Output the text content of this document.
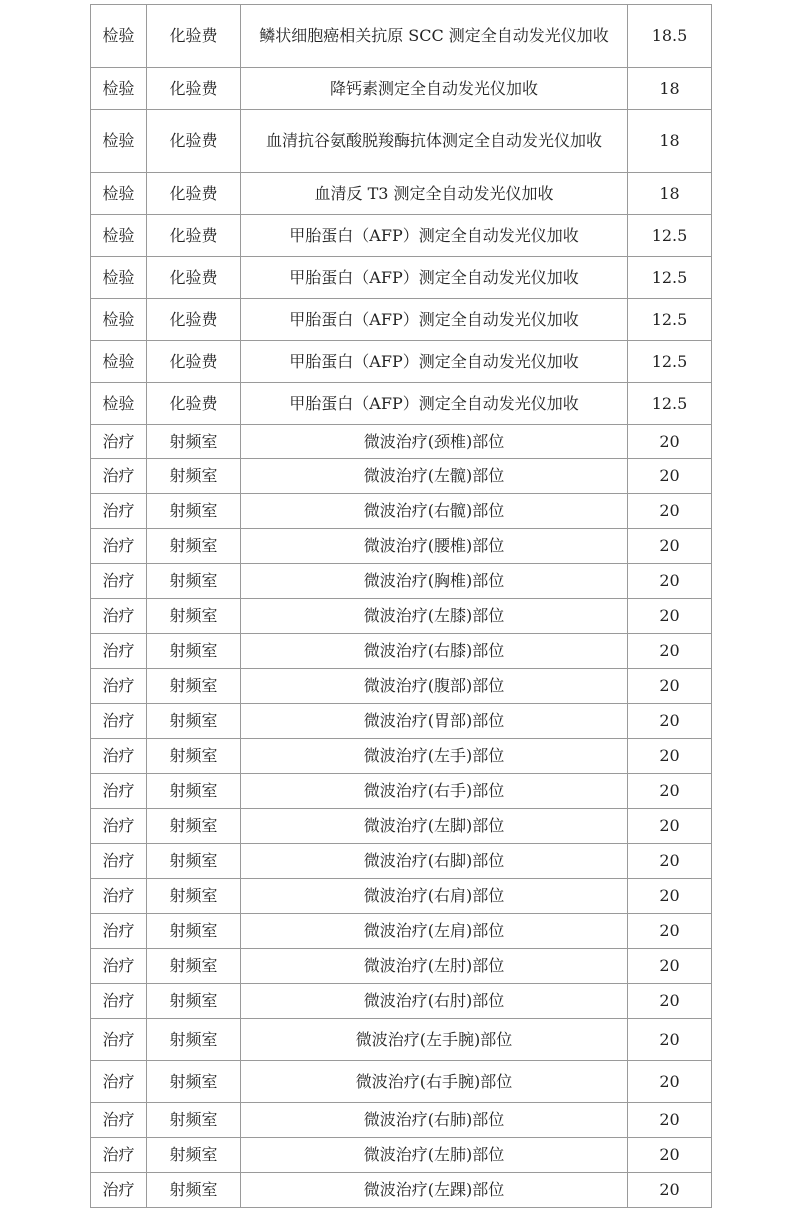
检验	化验费	鳞状细胞癌相关抗原 SCC 测定全自动发光仪加收	18.5
检验	化验费	降钙素测定全自动发光仪加收	18
检验	化验费	血清抗谷氨酸脱羧酶抗体测定全自动发光仪加收	18
检验	化验费	血清反 T3 测定全自动发光仪加收	18
检验	化验费	甲胎蛋白（AFP）测定全自动发光仪加收	12.5
检验	化验费	甲胎蛋白（AFP）测定全自动发光仪加收	12.5
检验	化验费	甲胎蛋白（AFP）测定全自动发光仪加收	12.5
检验	化验费	甲胎蛋白（AFP）测定全自动发光仪加收	12.5
检验	化验费	甲胎蛋白（AFP）测定全自动发光仪加收	12.5
治疗	射频室	微波治疗(颈椎)部位	20
治疗	射频室	微波治疗(左髋)部位	20
治疗	射频室	微波治疗(右髋)部位	20
治疗	射频室	微波治疗(腰椎)部位	20
治疗	射频室	微波治疗(胸椎)部位	20
治疗	射频室	微波治疗(左膝)部位	20
治疗	射频室	微波治疗(右膝)部位	20
治疗	射频室	微波治疗(腹部)部位	20
治疗	射频室	微波治疗(胃部)部位	20
治疗	射频室	微波治疗(左手)部位	20
治疗	射频室	微波治疗(右手)部位	20
治疗	射频室	微波治疗(左脚)部位	20
治疗	射频室	微波治疗(右脚)部位	20
治疗	射频室	微波治疗(右肩)部位	20
治疗	射频室	微波治疗(左肩)部位	20
治疗	射频室	微波治疗(左肘)部位	20
治疗	射频室	微波治疗(右肘)部位	20
治疗	射频室	微波治疗(左手腕)部位	20
治疗	射频室	微波治疗(右手腕)部位	20
治疗	射频室	微波治疗(右肺)部位	20
治疗	射频室	微波治疗(左肺)部位	20
治疗	射频室	微波治疗(左踝)部位	20
